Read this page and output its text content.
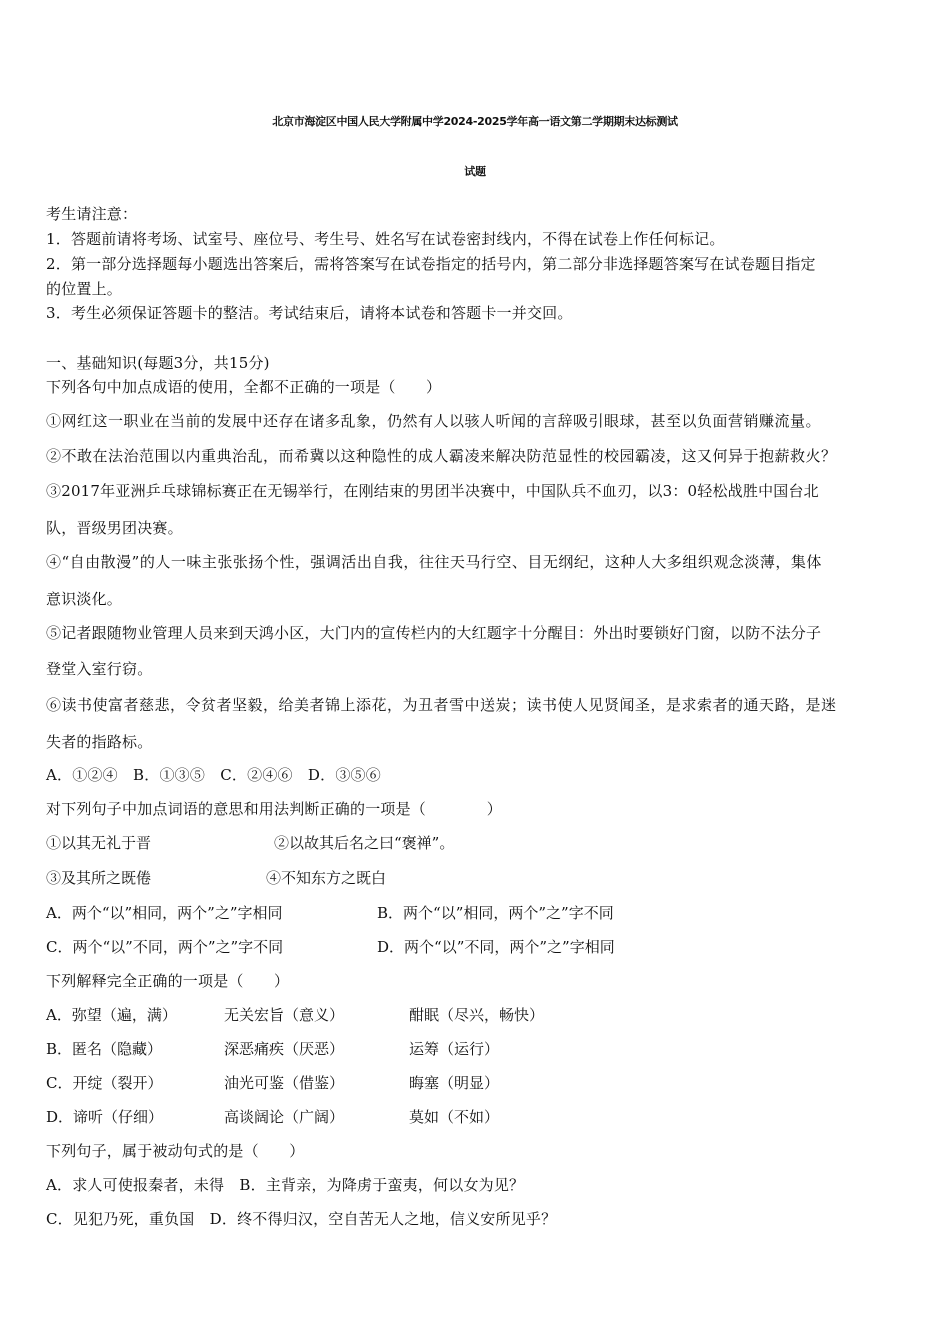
北京市海淀区中国人民大学附属中学2024-2025学年高一语文第二学期期末达标测试
试题
考生请注意：
1．答题前请将考场、试室号、座位号、考生号、姓名写在试卷密封线内，不得在试卷上作任何标记。
2．第一部分选择题每小题选出答案后，需将答案写在试卷指定的括号内，第二部分非选择题答案写在试卷题目指定
的位置上。
3．考生必须保证答题卡的整洁。考试结束后，请将本试卷和答题卡一并交回。
一、基础知识(每题3分，共15分)
下列各句中加点成语的使用，全都不正确的一项是（　　）
①网红这一职业在当前的发展中还存在诸多乱象，仍然有人以骇人听闻的言辞吸引眼球，甚至以负面营销赚流量。
②不敢在法治范围以内重典治乱，而希冀以这种隐性的成人霸凌来解决防范显性的校园霸凌，这又何异于抱薪救火？
③2017年亚洲乒乓球锦标赛正在无锡举行，在刚结束的男团半决赛中，中国队兵不血刃，以3：0轻松战胜中国台北
队，晋级男团决赛。
④“自由散漫”的人一味主张张扬个性，强调活出自我，往往天马行空、目无纲纪，这种人大多组织观念淡薄，集体
意识淡化。
⑤记者跟随物业管理人员来到天鸿小区，大门内的宣传栏内的大红题字十分醒目：外出时要锁好门窗，以防不法分子
登堂入室行窃。
⑥读书使富者慈悲，令贫者坚毅，给美者锦上添花，为丑者雪中送炭；读书使人见贤闻圣，是求索者的通天路，是迷
失者的指路标。
A．①②④　B．①③⑤　C．②④⑥　D．③⑤⑥
对下列句子中加点词语的意思和用法判断正确的一项是（　　　　）
①以其无礼于晋	②以故其后名之曰“褒禅”。
③及其所之既倦	④不知东方之既白
A．两个“以”相同，两个”之”字相同	B．两个“以”相同，两个”之”字不同
C．两个“以”不同，两个”之”字不同	D．两个“以”不同，两个”之”字相同
下列解释完全正确的一项是（　　）
A．弥望（遍，满）	无关宏旨（意义）	酣眠（尽兴，畅快）
B．匿名（隐藏）	深恶痛疾（厌恶）	运筹（运行）
C．开绽（裂开）	油光可鉴（借鉴）	晦塞（明显）
D．谛听（仔细）	高谈阔论（广阔）	莫如（不如）
下列句子，属于被动句式的是（　　）
A．求人可使报秦者，未得　B．主背亲，为降虏于蛮夷，何以女为见？
C．见犯乃死，重负国　D．终不得归汉，空自苦无人之地，信义安所见乎？
